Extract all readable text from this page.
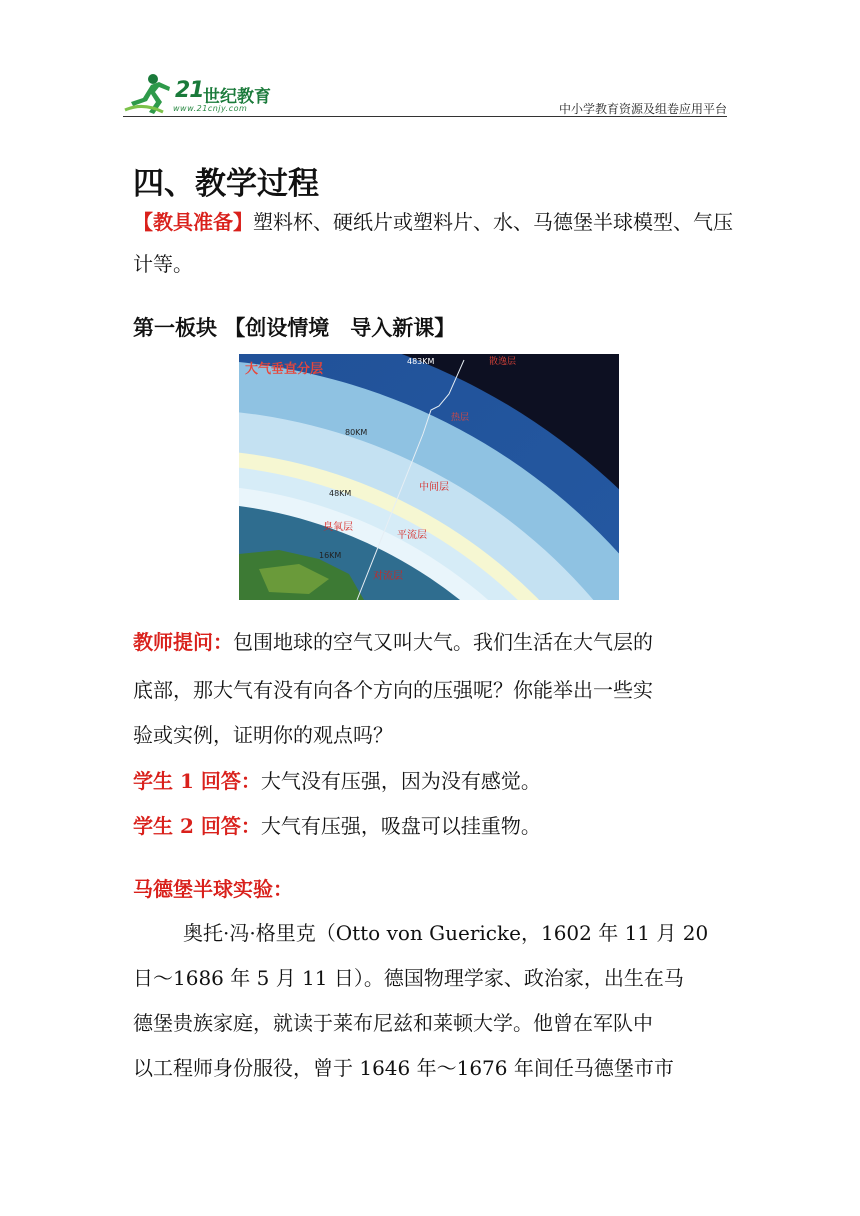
21 世纪教育
www.21cnjy.com	中小学教育资源及组卷应用平台
四、教学过程
【教具准备】塑料杯、硬纸片或塑料片、水、马德堡半球模型、气压计等。
第一板块 【创设情境　导入新课】
大气垂直分层
483KM	散逸层
热层
80KM
中间层
48KM
臭氧层
平流层
16KM
对流层
教师提问：包围地球的空气又叫大气。我们生活在大气层的
底部，那大气有没有向各个方向的压强呢？你能举出一些实
验或实例，证明你的观点吗？
学生 1 回答：大气没有压强，因为没有感觉。
学生 2 回答：大气有压强，吸盘可以挂重物。
马德堡半球实验：
奥托·冯·格里克（Otto von Guericke，1602 年 11 月 20
日～1686 年 5 月 11 日）。德国物理学家、政治家，出生在马
德堡贵族家庭，就读于莱布尼兹和莱顿大学。他曾在军队中
以工程师身份服役，曾于 1646 年～1676 年间任马德堡市市
